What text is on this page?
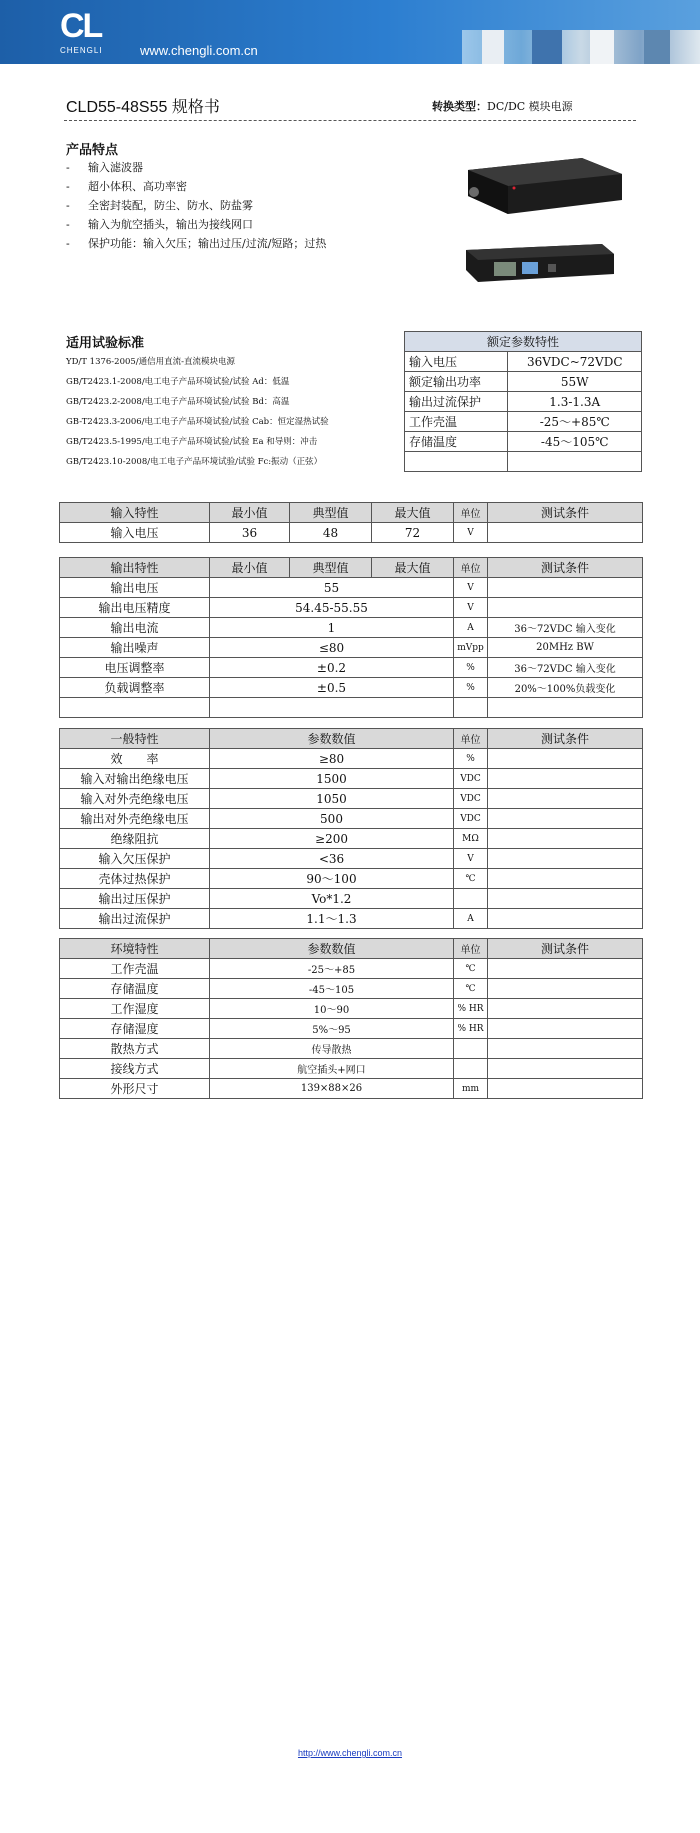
CL
CHENGLI	www.chengli.com.cn
CLD55-48S55 规格书	转换类型：DC/DC 模块电源
产品特点
- 输入滤波器
- 超小体积、高功率密
- 全密封装配，防尘、防水、防盐雾
- 输入为航空插头，输出为接线网口
- 保护功能：输入欠压；输出过压/过流/短路；过热
适用试验标准
YD/T 1376-2005/通信用直流-直流模块电源
GB/T2423.1-2008/电工电子产品环境试验/试验 Ad：低温
GB/T2423.2-2008/电工电子产品环境试验/试验 Bd：高温
GB-T2423.3-2006/电工电子产品环境试验/试验 Cab：恒定湿热试验
GB/T2423.5-1995/电工电子产品环境试验/试验 Ea 和导则：冲击
GB/T2423.10-2008/电工电子产品环境试验/试验 Fc:振动（正弦）
额定参数特性	
输入电压	36VDC~72VDC
额定输出功率	55W
输出过流保护	1.3-1.3A
工作壳温	-25～+85℃
存储温度	-45～105℃

输入特性	最小值	典型值	最大值	单位	测试条件
输入电压	36	48	72	V	
输出特性	最小值	典型值	最大值	单位	测试条件
输出电压	55			V	
输出电压精度	54.45-55.55			V	
输出电流	1			A	36～72VDC 输入变化
输出噪声	≤80			mVpp	20MHz BW
电压调整率	±0.2			%	36～72VDC 输入变化
负载调整率	±0.5			%	20%～100%负载变化

一般特性	参数数值	单位	测试条件
效　　率	≥80	%	
输入对输出绝缘电压	1500	VDC	
输入对外壳绝缘电压	1050	VDC	
输出对外壳绝缘电压	500	VDC	
绝缘阻抗	≥200	MΩ	
输入欠压保护	<36	V	
壳体过热保护	90～100	℃	
输出过压保护	Vo*1.2		
输出过流保护	1.1～1.3	A	
环境特性	参数数值	单位	测试条件
工作壳温	-25～+85	℃	
存储温度	-45～105	℃	
工作湿度	10～90	% HR	
存储湿度	5%～95	% HR	
散热方式	传导散热		
接线方式	航空插头+网口		
外形尺寸	139×88×26	mm	
http://www.chengli.com.cn
